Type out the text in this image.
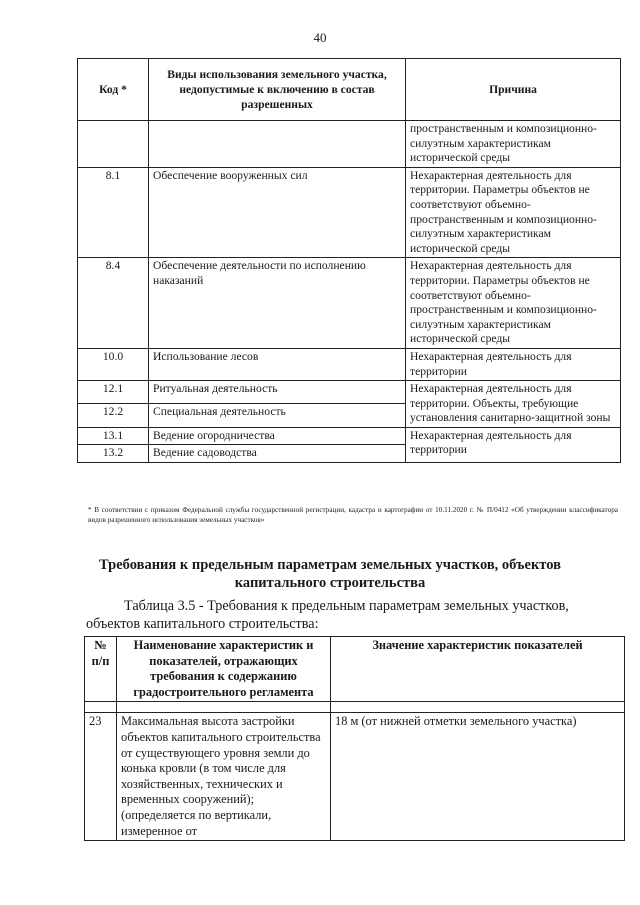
40
Код *	Виды использования земельного участка, недопустимые к включению в состав разрешенных	Причина
		пространственным и композиционно-силуэтным характеристикам исторической среды
8.1	Обеспечение вооруженных сил	Нехарактерная деятельность для территории. Параметры объектов не соответствуют объемно-пространственным и композиционно-силуэтным характеристикам исторической среды
8.4	Обеспечение деятельности по исполнению наказаний	Нехарактерная деятельность для территории. Параметры объектов не соответствуют объемно-пространственным и композиционно-силуэтным характеристикам исторической среды
10.0	Использование лесов	Нехарактерная деятельность для территории
12.1	Ритуальная деятельность	Нехарактерная деятельность для территории. Объекты, требующие установления санитарно-защитной зоны
12.2	Специальная деятельность	
13.1	Ведение огородничества	Нехарактерная деятельность для территории
13.2	Ведение садоводства	
* В соответствии с приказом Федеральной службы государственной регистрации, кадастра и картографии от 10.11.2020 г. № П/0412 «Об утверждении классификатора видов разрешенного использования земельных участков»
Требования к предельным параметрам земельных участков, объектов капитального строительства
Таблица 3.5 - Требования к предельным параметрам земельных участков, объектов капитального строительства:
№ п/п	Наименование характеристик и показателей, отражающих требования к содержанию градостроительного регламента	Значение характеристик показателей

23	Максимальная высота застройки объектов капитального строительства от существующего уровня земли до конька кровли (в том числе для хозяйственных, технических и временных сооружений); (определяется по вертикали, измеренное от	18 м (от нижней отметки земельного участка)
